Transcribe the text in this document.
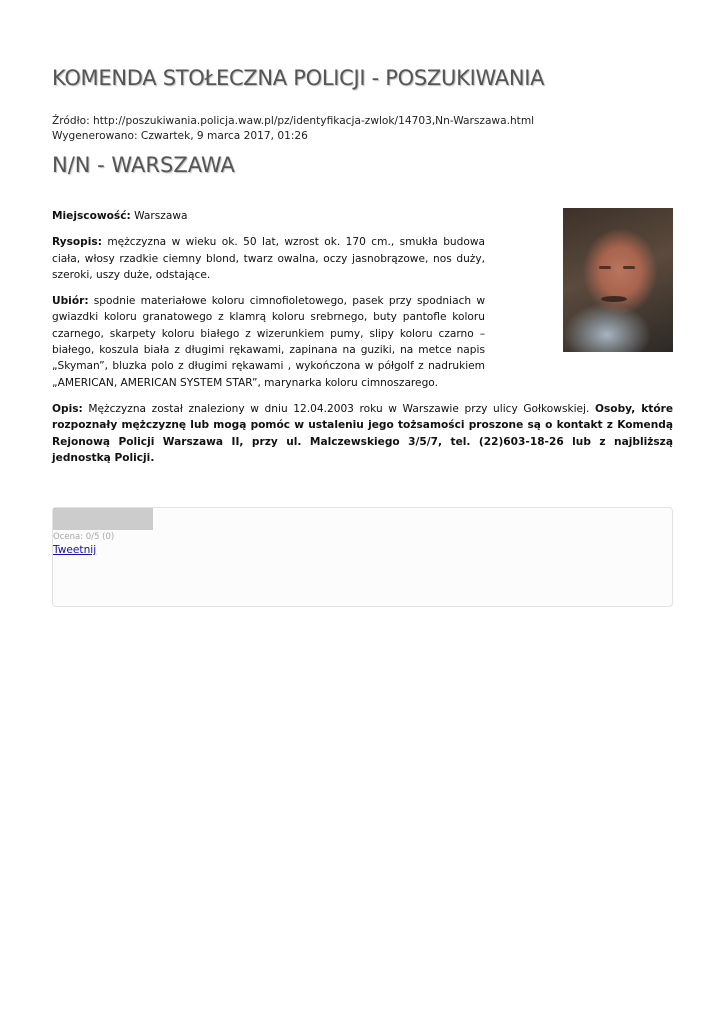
KOMENDA STOŁECZNA POLICJI - POSZUKIWANIA
Źródło: http://poszukiwania.policja.waw.pl/pz/identyfikacja-zwlok/14703,Nn-Warszawa.html
Wygenerowano: Czwartek, 9 marca 2017, 01:26
N/N - WARSZAWA

Miejscowość: Warszawa

Rysopis: mężczyzna w wieku ok. 50 lat, wzrost ok. 170 cm., smukła budowa ciała, włosy rzadkie ciemny blond, twarz owalna, oczy jasnobrązowe, nos duży, szeroki, uszy duże, odstające.

Ubiór: spodnie materiałowe koloru cimnofioletowego, pasek przy spodniach w gwiazdki koloru granatowego z klamrą koloru srebrnego, buty pantofle koloru czarnego, skarpety koloru białego z wizerunkiem pumy, slipy koloru czarno – białego, koszula biała z długimi rękawami, zapinana na guziki, na metce napis „Skyman”, bluzka polo z długimi rękawami , wykończona w półgolf z nadrukiem „AMERICAN, AMERICAN SYSTEM STAR”, marynarka koloru cimnoszarego.

Opis: Mężczyzna został znaleziony w dniu 12.04.2003 roku w Warszawie przy ulicy Gołkowskiej. Osoby, które rozpoznały mężczyznę lub mogą pomóc w ustaleniu jego tożsamości proszone są o kontakt z Komendą Rejonową Policji Warszawa II, przy ul. Malczewskiego 3/5/7, tel. (22)603-18-26 lub z najbliższą jednostką Policji.

Ocena: 0/5 (0)
Tweetnij
